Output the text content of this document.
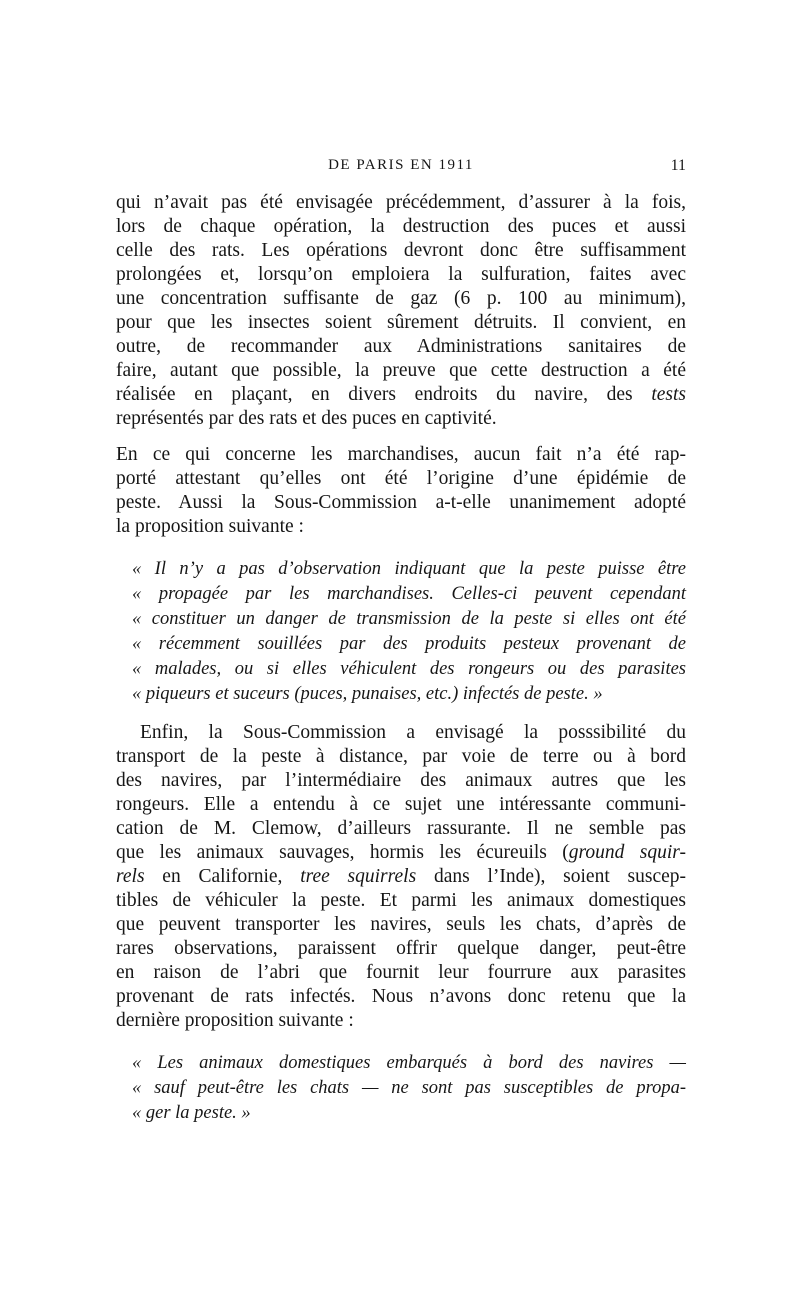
DE PARIS EN 1911	11
qui n’avait pas été envisagée précédemment, d’assurer à la fois,
lors de chaque opération, la destruction des puces et aussi
celle des rats. Les opérations devront donc être suffisamment
prolongées et, lorsqu’on emploiera la sulfuration, faites avec
une concentration suffisante de gaz (6 p. 100 au minimum),
pour que les insectes soient sûrement détruits. Il convient, en
outre, de recommander aux Administrations sanitaires de
faire, autant que possible, la preuve que cette destruction a été
réalisée en plaçant, en divers endroits du navire, des tests
représentés par des rats et des puces en captivité.
En ce qui concerne les marchandises, aucun fait n’a été rap-
porté attestant qu’elles ont été l’origine d’une épidémie de
peste. Aussi la Sous-Commission a-t-elle unanimement adopté
la proposition suivante :
« Il n’y a pas d’observation indiquant que la peste puisse être
« propagée par les marchandises. Celles-ci peuvent cependant
« constituer un danger de transmission de la peste si elles ont été
« récemment souillées par des produits pesteux provenant de
« malades, ou si elles véhiculent des rongeurs ou des parasites
« piqueurs et suceurs (puces, punaises, etc.) infectés de peste. »
Enfin, la Sous-Commission a envisagé la posssibilité du
transport de la peste à distance, par voie de terre ou à bord
des navires, par l’intermédiaire des animaux autres que les
rongeurs. Elle a entendu à ce sujet une intéressante communi-
cation de M. Clemow, d’ailleurs rassurante. Il ne semble pas
que les animaux sauvages, hormis les écureuils (ground squir-
rels en Californie, tree squirrels dans l’Inde), soient suscep-
tibles de véhiculer la peste. Et parmi les animaux domestiques
que peuvent transporter les navires, seuls les chats, d’après de
rares observations, paraissent offrir quelque danger, peut-être
en raison de l’abri que fournit leur fourrure aux parasites
provenant de rats infectés. Nous n’avons donc retenu que la
dernière proposition suivante :
« Les animaux domestiques embarqués à bord des navires —
« sauf peut-être les chats — ne sont pas susceptibles de propa-
« ger la peste. »
